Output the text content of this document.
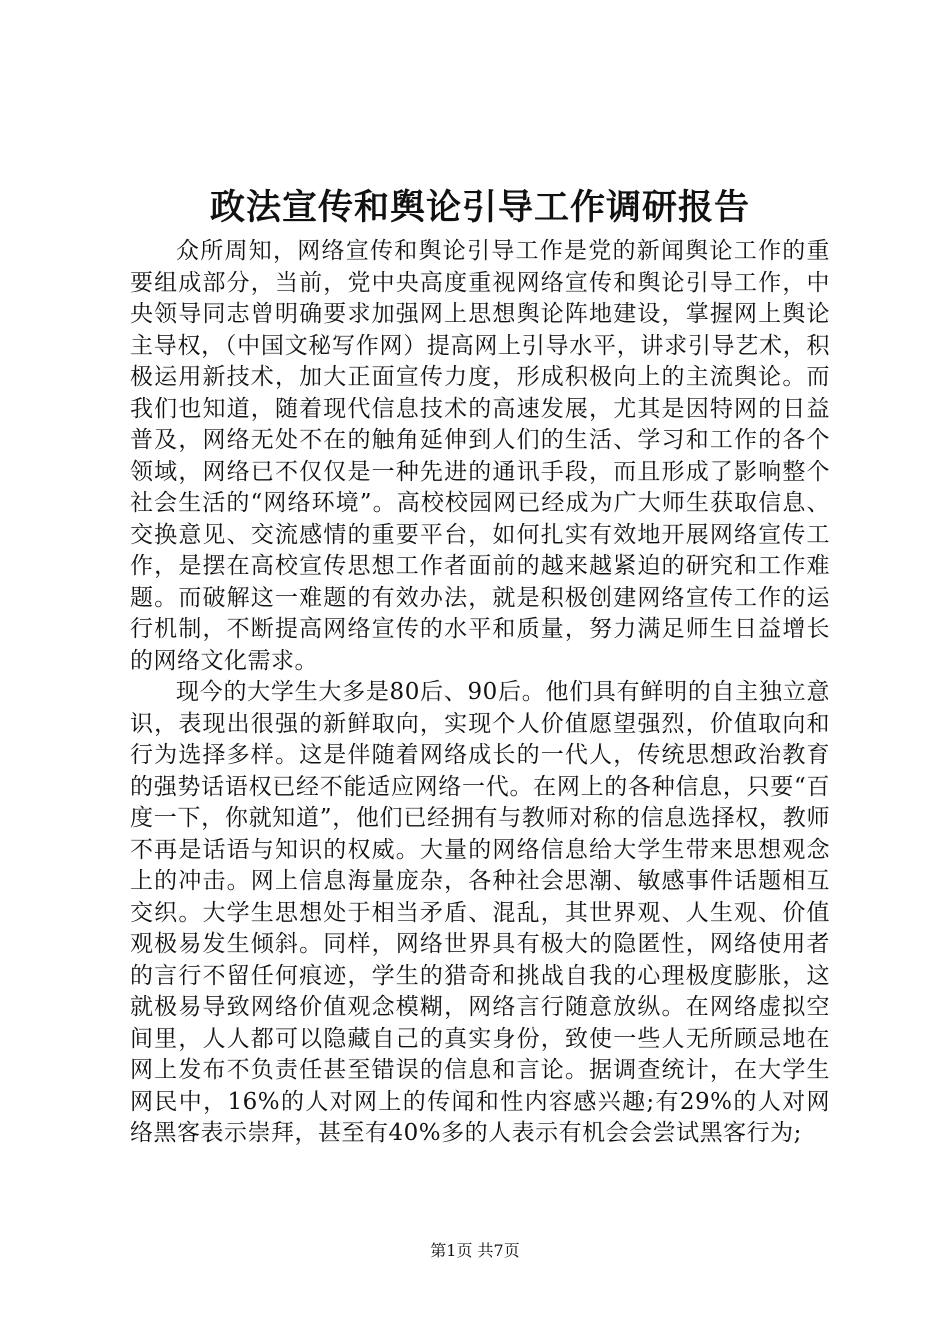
政法宣传和舆论引导工作调研报告

众所周知，网络宣传和舆论引导工作是党的新闻舆论工作的重要组成部分，当前，党中央高度重视网络宣传和舆论引导工作，中央领导同志曾明确要求加强网上思想舆论阵地建设，掌握网上舆论主导权，（中国文秘写作网）提高网上引导水平，讲求引导艺术，积极运用新技术，加大正面宣传力度，形成积极向上的主流舆论。而我们也知道，随着现代信息技术的高速发展，尤其是因特网的日益普及，网络无处不在的触角延伸到人们的生活、学习和工作的各个领域，网络已不仅仅是一种先进的通讯手段，而且形成了影响整个社会生活的“网络环境”。高校校园网已经成为广大师生获取信息、交换意见、交流感情的重要平台，如何扎实有效地开展网络宣传工作，是摆在高校宣传思想工作者面前的越来越紧迫的研究和工作难题。而破解这一难题的有效办法，就是积极创建网络宣传工作的运行机制，不断提高网络宣传的水平和质量，努力满足师生日益增长的网络文化需求。

现今的大学生大多是80后、90后。他们具有鲜明的自主独立意识，表现出很强的新鲜取向，实现个人价值愿望强烈，价值取向和行为选择多样。这是伴随着网络成长的一代人，传统思想政治教育的强势话语权已经不能适应网络一代。在网上的各种信息，只要“百度一下，你就知道”，他们已经拥有与教师对称的信息选择权，教师不再是话语与知识的权威。大量的网络信息给大学生带来思想观念上的冲击。网上信息海量庞杂，各种社会思潮、敏感事件话题相互交织。大学生思想处于相当矛盾、混乱，其世界观、人生观、价值观极易发生倾斜。同样，网络世界具有极大的隐匿性，网络使用者的言行不留任何痕迹，学生的猎奇和挑战自我的心理极度膨胀，这就极易导致网络价值观念模糊，网络言行随意放纵。在网络虚拟空间里，人人都可以隐藏自己的真实身份，致使一些人无所顾忌地在网上发布不负责任甚至错误的信息和言论。据调查统计，在大学生网民中，16%的人对网上的传闻和性内容感兴趣;有29%的人对网络黑客表示崇拜，甚至有40%多的人表示有机会会尝试黑客行为;

第1页 共7页
